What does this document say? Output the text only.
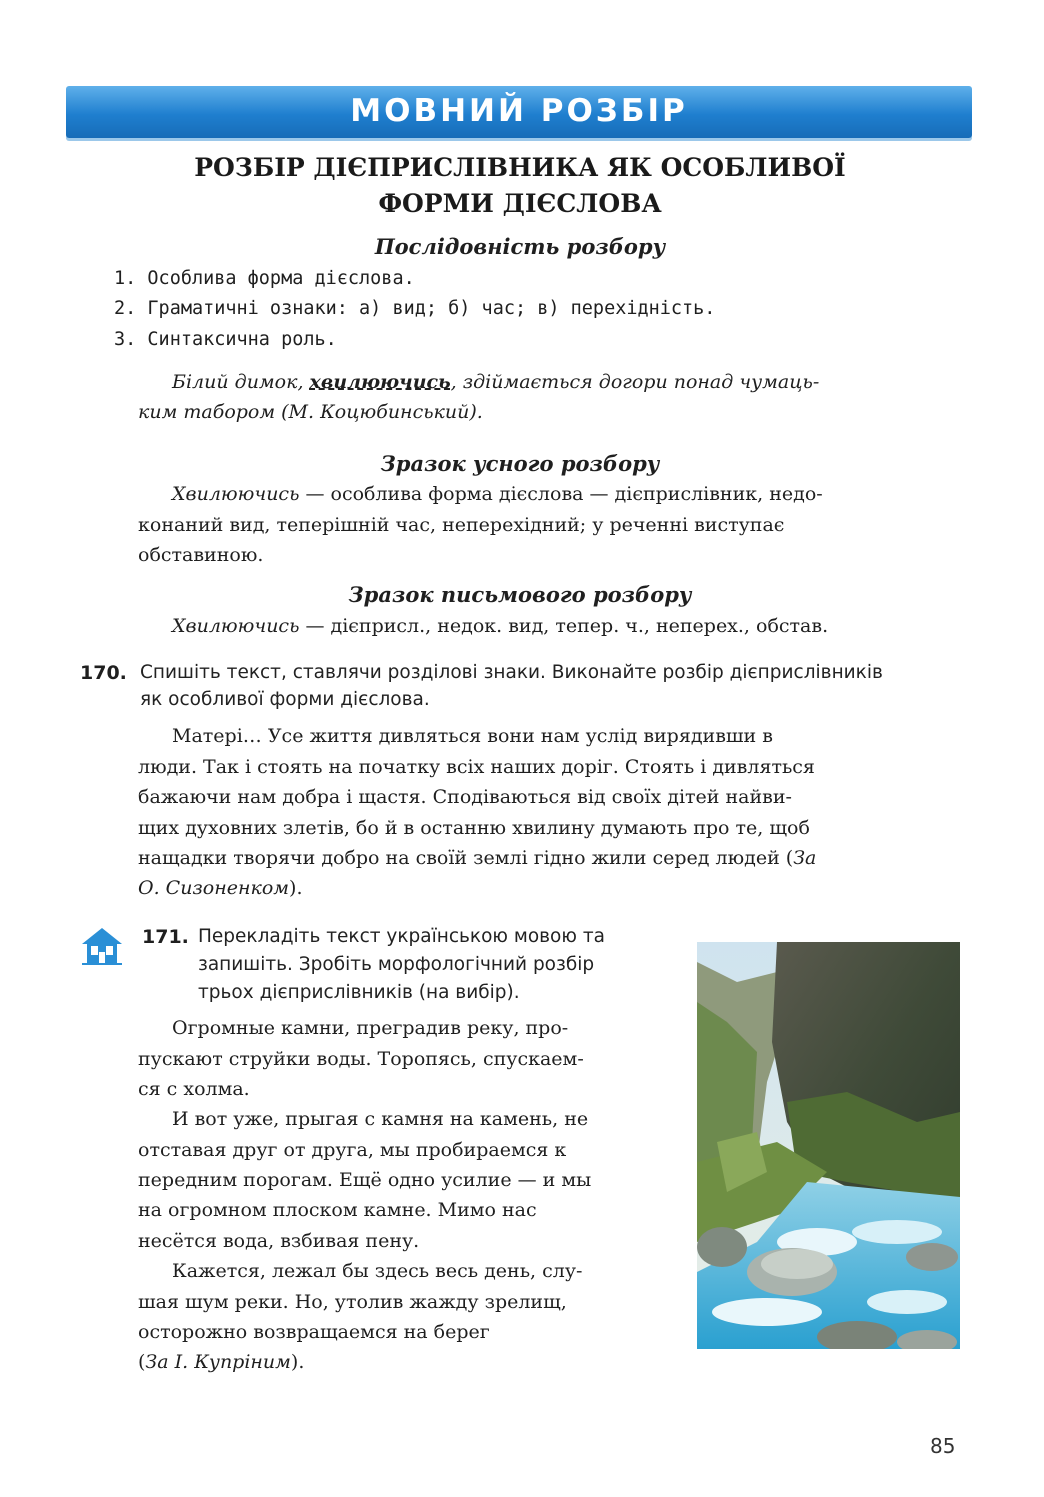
МОВНИЙ РОЗБІР
РОЗБІР ДІЄПРИСЛІВНИКА ЯК ОСОБЛИВОЇ
ФОРМИ ДІЄСЛОВА
Послідовність розбору
1. Особлива форма дієслова.
2. Граматичні ознаки: а) вид; б) час; в) перехідність.
3. Синтаксична роль.
Білий димок, хвилюючись, здіймається догори понад чумаць-
ким табором (М. Коцюбинський).
Зразок усного розбору
Хвилюючись — особлива форма дієслова — дієприслівник, недо-
конаний вид, теперішній час, неперехідний; у реченні виступає
обставиною.
Зразок письмового розбору
Хвилюючись — дієприсл., недок. вид, тепер. ч., неперех., обстав.
170. Спишіть текст, ставлячи розділові знаки. Виконайте розбір дієприслівників
як особливої форми дієслова.
Матері… Усе життя дивляться вони нам услід вирядивши в
люди. Так і стоять на початку всіх наших доріг. Стоять і дивляться
бажаючи нам добра і щастя. Сподіваються від своїх дітей найви-
щих духовних злетів, бо й в останню хвилину думають про те, щоб
нащадки творячи добро на своїй землі гідно жили серед людей (За
О. Сизоненком).
171. Перекладіть текст українською мовою та
запишіть. Зробіть морфологічний розбір
трьох дієприслівників (на вибір).
Огромные камни, преградив реку, про-
пускают струйки воды. Торопясь, спускаем-
ся с холма.
И вот уже, прыгая с камня на камень, не
отставая друг от друга, мы пробираемся к
передним порогам. Ещё одно усилие — и мы
на огромном плоском камне. Мимо нас
несётся вода, взбивая пену.
Кажется, лежал бы здесь весь день, слу-
шая шум реки. Но, утолив жажду зрелищ,
осторожно возвращаемся на берег
(За І. Купріним).
85
